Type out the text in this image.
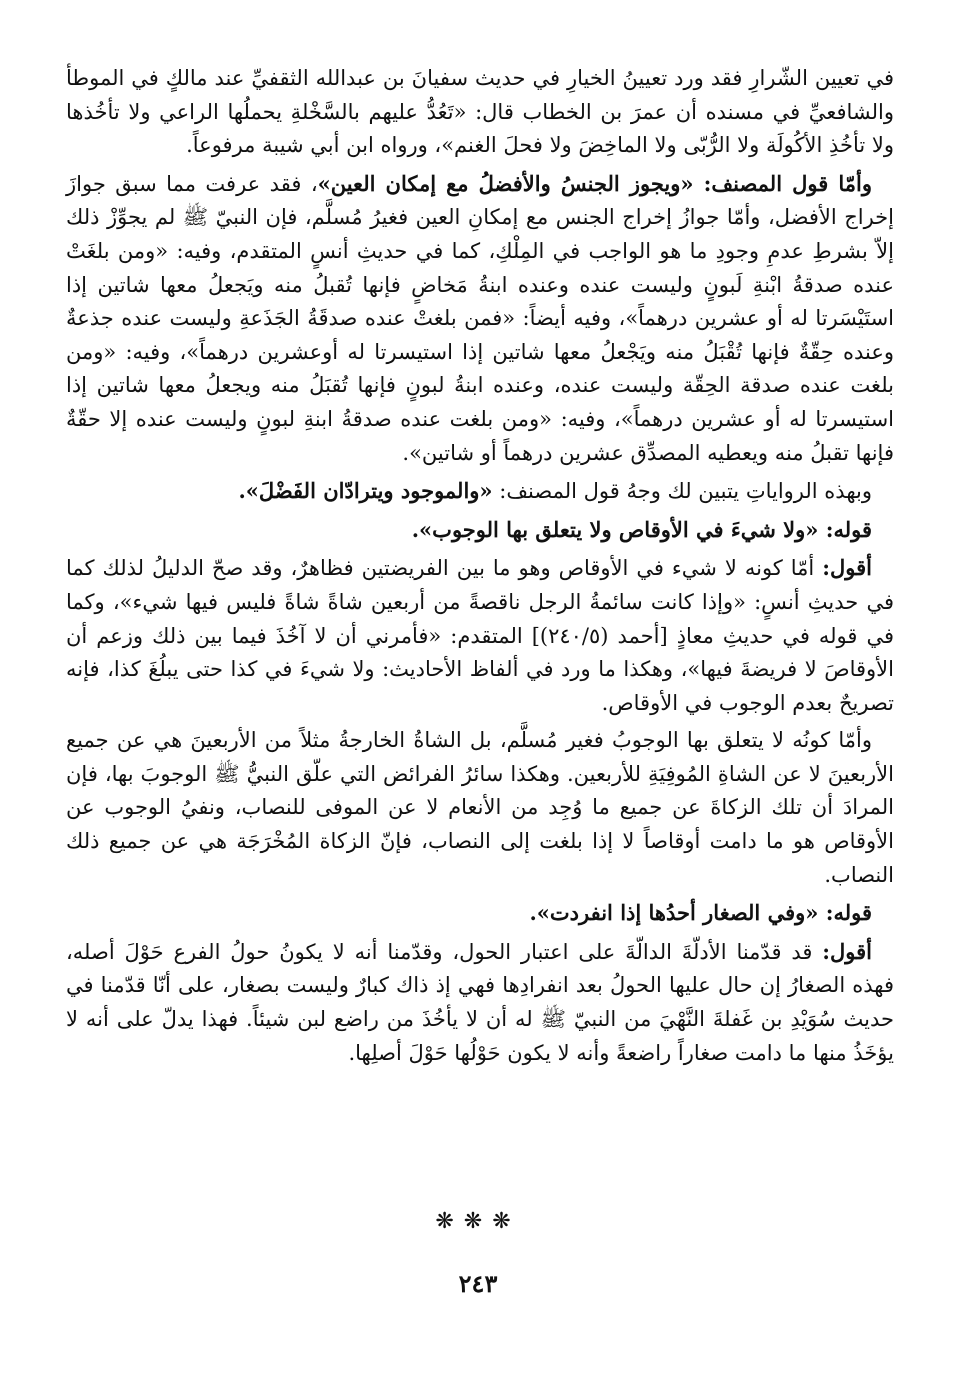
في تعيين الشّرارِ فقد ورد تعيينُ الخيارِ في حديث سفيانَ بن عبدالله الثقفيِّ عند مالكٍ في الموطأ والشافعيِّ في مسنده أن عمرَ بن الخطاب قال: «تَعُدُّ عليهم بالسَّخْلةِ يحملُها الراعي ولا تأخُذها ولا تأخُذِ الأكُولَة ولا الرُّبّى ولا الماخِضَ ولا فحلَ الغنم»، ورواه ابن أبي شيبة مرفوعاً.

وأمّا قول المصنف: «ويجوز الجنسُ والأفضلُ مع إمكان العين»، فقد عرفت مما سبق جوازَ إخراج الأفضل، وأمّا جوازُ إخراج الجنس مع إمكانِ العين فغيرُ مُسلَّم، فإن النبيّ ﷺ لم يجوِّزْ ذلك إلاّ بشرطِ عدمِ وجودِ ما هو الواجب في المِلْكِ، كما في حديثِ أنسٍ المتقدم، وفيه: «ومن بلغَتْ عنده صدقةُ ابْنةِ لَبونٍ وليست عنده وعنده ابنةُ مَخاضٍ فإنها تُقبلُ منه ويَجعلُ معها شاتين إذا استَيْسَرتا له أو عشرين درهماً»، وفيه أيضاً: «فمن بلغتْ عنده صدقَةُ الجَذَعةِ وليست عنده جذعةٌ وعنده حِقّةٌ فإنها تُقْبَلُ منه ويَجْعلُ معها شاتين إذا استيسرتا له أوعشرين درهماً»، وفيه: «ومن بلغت عنده صدقة الحِقّة وليست عنده، وعنده ابنةُ لبونٍ فإنها تُقبَلُ منه ويجعلُ معها شاتين إذا استيسرتا له أو عشرين درهماً»، وفيه: «ومن بلغت عنده صدقةُ ابنةِ لبونٍ وليست عنده إلا حقّةٌ فإنها تقبلُ منه ويعطيه المصدِّق عشرين درهماً أو شاتين».

وبهذه الرواياتِ يتبين لك وجهُ قول المصنف: «والموجود ويترادّان الفَضْلَ».

قوله: «ولا شيءَ في الأوقاص ولا يتعلق بها الوجوب».

أقول: أمّا كونه لا شيء في الأوقاص وهو ما بين الفريضتين فظاهرٌ، وقد صحّ الدليلُ لذلك كما في حديثِ أنسٍ: «وإذا كانت سائمةُ الرجل ناقصةً من أربعين شاةً شاةً فليس فيها شيء»، وكما في قوله في حديثِ معاذٍ [أحمد (٢٤٠/٥)] المتقدم: «فأمرني أن لا آخُذَ فيما بين ذلك وزعم أن الأوقاصَ لا فريضةَ فيها»، وهكذا ما ورد في ألفاظ الأحاديث: ولا شيءَ في كذا حتى يبلُغَ كذا، فإنه تصريحٌ بعدم الوجوب في الأوقاص.

وأمّا كونُه لا يتعلق بها الوجوبُ فغير مُسلَّم، بل الشاةُ الخارجةُ مثلاً من الأربعينَ هي عن جميع الأربعينَ لا عن الشاةِ المُوفِيَةِ للأربعين. وهكذا سائرُ الفرائض التي علّق النبيُّ ﷺ الوجوبَ بها، فإن المرادَ أن تلك الزكاةَ عن جميع ما وُجِد من الأنعام لا عن الموفى للنصاب، ونفيُ الوجوب عن الأوقاص هو ما دامت أوقاصاً لا إذا بلغت إلى النصاب، فإنّ الزكاة المُخْرَجَة هي عن جميع ذلك النصاب.

قوله: «وفي الصغار أحدُها إذا انفردت».

أقول: قد قدّمنا الأدلّةَ الدالّةَ على اعتبار الحول، وقدّمنا أنه لا يكونُ حولُ الفرع حَوْلَ أصله، فهذه الصغارُ إن حال عليها الحولُ بعد انفرادِها فهي إذ ذاك كبارٌ وليست بصغار، على أنّا قدّمنا في حديث سُوَيْدِ بن غَفلةَ النَّهْيَ من النبيّ ﷺ له أن لا يأخُذَ من راضع لبن شيئاً. فهذا يدلّ على أنه لا يؤخَذُ منها ما دامت صغاراً راضعةً وأنه لا يكون حَوْلُها حَوْلَ أصلِها.

❋❋❋
٢٤٣
